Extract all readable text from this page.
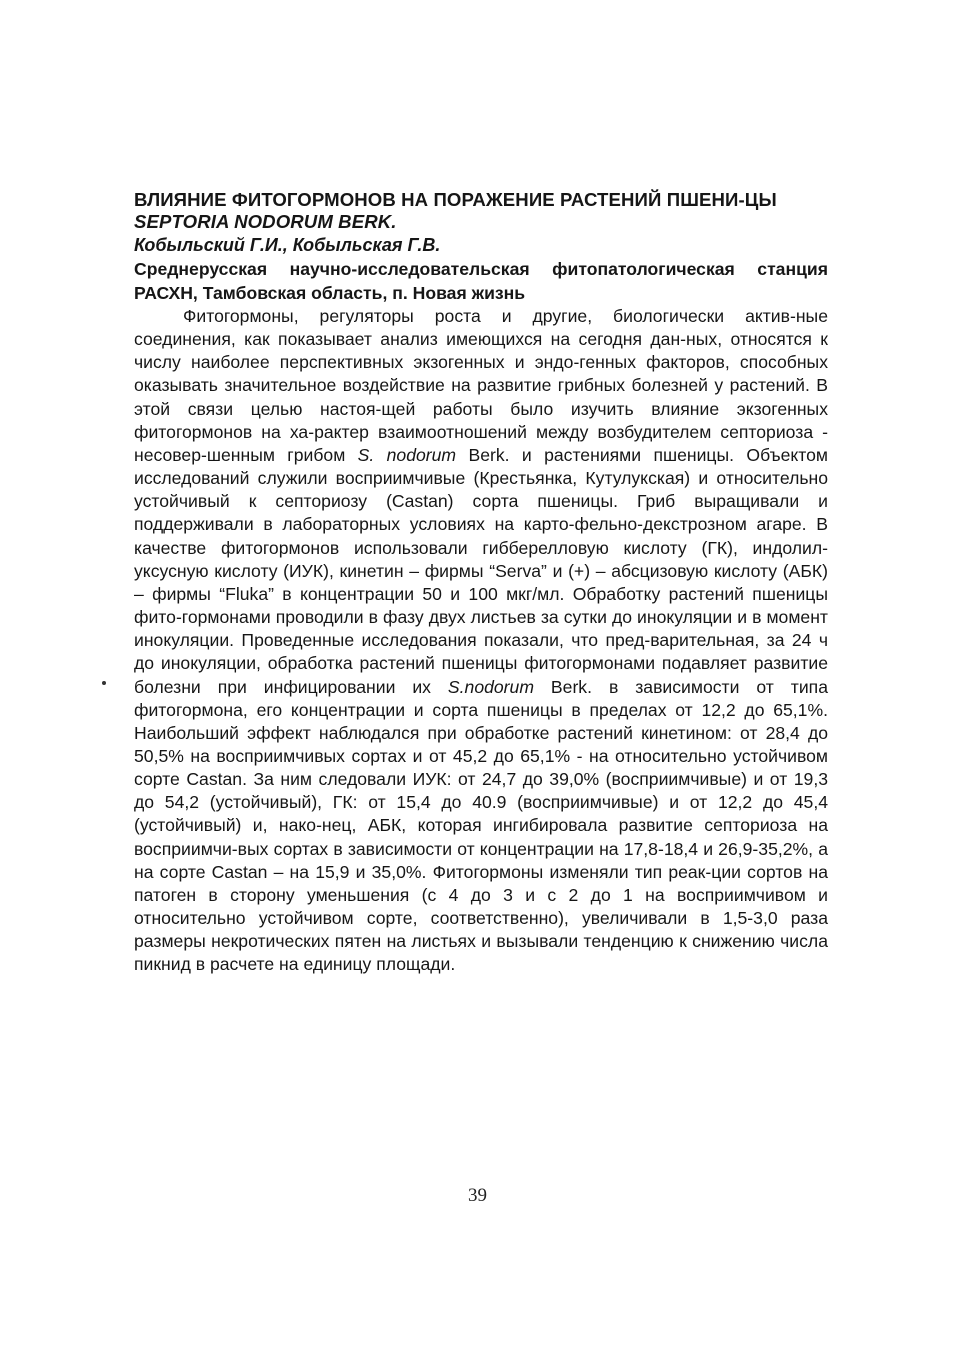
ВЛИЯНИЕ ФИТОГОРМОНОВ НА ПОРАЖЕНИЕ РАСТЕНИЙ ПШЕНИ-ЦЫ SEPTORIA NODORUM BERK.

Кобыльский Г.И., Кобыльская Г.В.

Среднерусская научно-исследовательская фитопатологическая станция РАСХН, Тамбовская область, п. Новая жизнь

Фитогормоны, регуляторы роста и другие, биологически актив-ные соединения, как показывает анализ имеющихся на сегодня дан-ных, относятся к числу наиболее перспективных экзогенных и эндо-генных факторов, способных оказывать значительное воздействие на развитие грибных болезней у растений. В этой связи целью настоя-щей работы было изучить влияние экзогенных фитогормонов на ха-рактер взаимоотношений между возбудителем септориоза - несовер-шенным грибом S. nodorum Berk. и растениями пшеницы. Объектом исследований служили восприимчивые (Крестьянка, Кутулукская) и относительно устойчивый к септориозу (Castan) сорта пшеницы. Гриб выращивали и поддерживали в лабораторных условиях на карто-фельно-декстрозном агаре. В качестве фитогормонов использовали гибберелловую кислоту (ГК), индолил-уксусную кислоту (ИУК), кинетин – фирмы “Serva” и (+) – абсцизовую кислоту (АБК) – фирмы “Fluka” в концентрации 50 и 100 мкг/мл. Обработку растений пшеницы фито-гормонами проводили в фазу двух листьев за сутки до инокуляции и в момент инокуляции. Проведенные исследования показали, что пред-варительная, за 24 ч до инокуляции, обработка растений пшеницы фитогормонами подавляет развитие болезни при инфицировании их S.nodorum Berk. в зависимости от типа фитогормона, его концентрации и сорта пшеницы в пределах от 12,2 до 65,1%. Наибольший эффект наблюдался при обработке растений кинетином: от 28,4 до 50,5% на восприимчивых сортах и от 45,2 до 65,1% - на относительно устойчивом сорте Castan. За ним следовали ИУК: от 24,7 до 39,0% (восприимчивые) и от 19,3 до 54,2 (устойчивый), ГК: от 15,4 до 40.9 (восприимчивые) и от 12,2 до 45,4 (устойчивый) и, нако-нец, АБК, которая ингибировала развитие септориоза на восприимчи-вых сортах в зависимости от концентрации на 17,8-18,4 и 26,9-35,2%, а на сорте Castan – на 15,9 и 35,0%. Фитогормоны изменяли тип реак-ции сортов на патоген в сторону уменьшения (с 4 до 3 и с 2 до 1 на восприимчивом и относительно устойчивом сорте, соответственно), увеличивали в 1,5-3,0 раза размеры некротических пятен на листьях и вызывали тенденцию к снижению числа пикнид в расчете на единицу площади.

39
